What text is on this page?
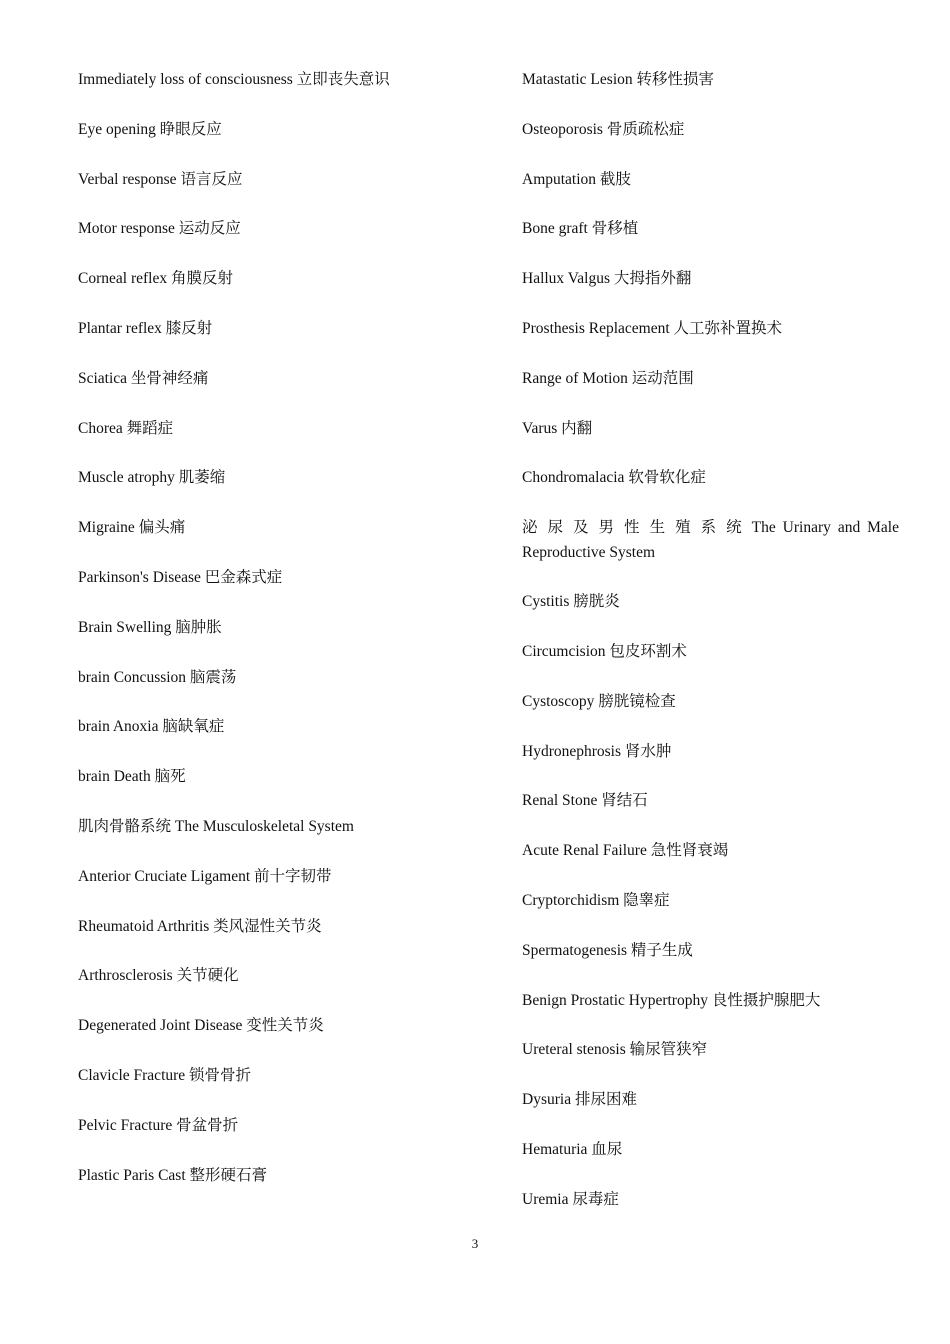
Immediately loss of consciousness 立即丧失意识
Eye opening 睁眼反应
Verbal response 语言反应
Motor response 运动反应
Corneal reflex 角膜反射
Plantar reflex 膝反射
Sciatica 坐骨神经痛
Chorea 舞蹈症
Muscle atrophy 肌萎缩
Migraine 偏头痛
Parkinson's Disease 巴金森式症
Brain Swelling 脑肿胀
brain Concussion 脑震荡
brain Anoxia 脑缺氧症
brain Death 脑死
肌肉骨骼系统 The Musculoskeletal System
Anterior Cruciate Ligament 前十字韧带
Rheumatoid Arthritis 类风湿性关节炎
Arthrosclerosis 关节硬化
Degenerated Joint Disease 变性关节炎
Clavicle Fracture 锁骨骨折
Pelvic Fracture 骨盆骨折
Plastic Paris Cast 整形硬石膏
Matastatic Lesion 转移性损害
Osteoporosis 骨质疏松症
Amputation 截肢
Bone graft 骨移植
Hallux Valgus 大拇指外翻
Prosthesis Replacement 人工弥补置换术
Range of Motion 运动范围
Varus 内翻
Chondromalacia 软骨软化症
泌 尿 及 男 性 生 殖 系 统 The Urinary and Male Reproductive System
Cystitis 膀胱炎
Circumcision 包皮环割术
Cystoscopy 膀胱镜检查
Hydronephrosis 肾水肿
Renal Stone 肾结石
Acute Renal Failure 急性肾衰竭
Cryptorchidism 隐睾症
Spermatogenesis 精子生成
Benign Prostatic Hypertrophy 良性摄护腺肥大
Ureteral stenosis 输尿管狭窄
Dysuria 排尿困难
Hematuria 血尿
Uremia 尿毒症
3
